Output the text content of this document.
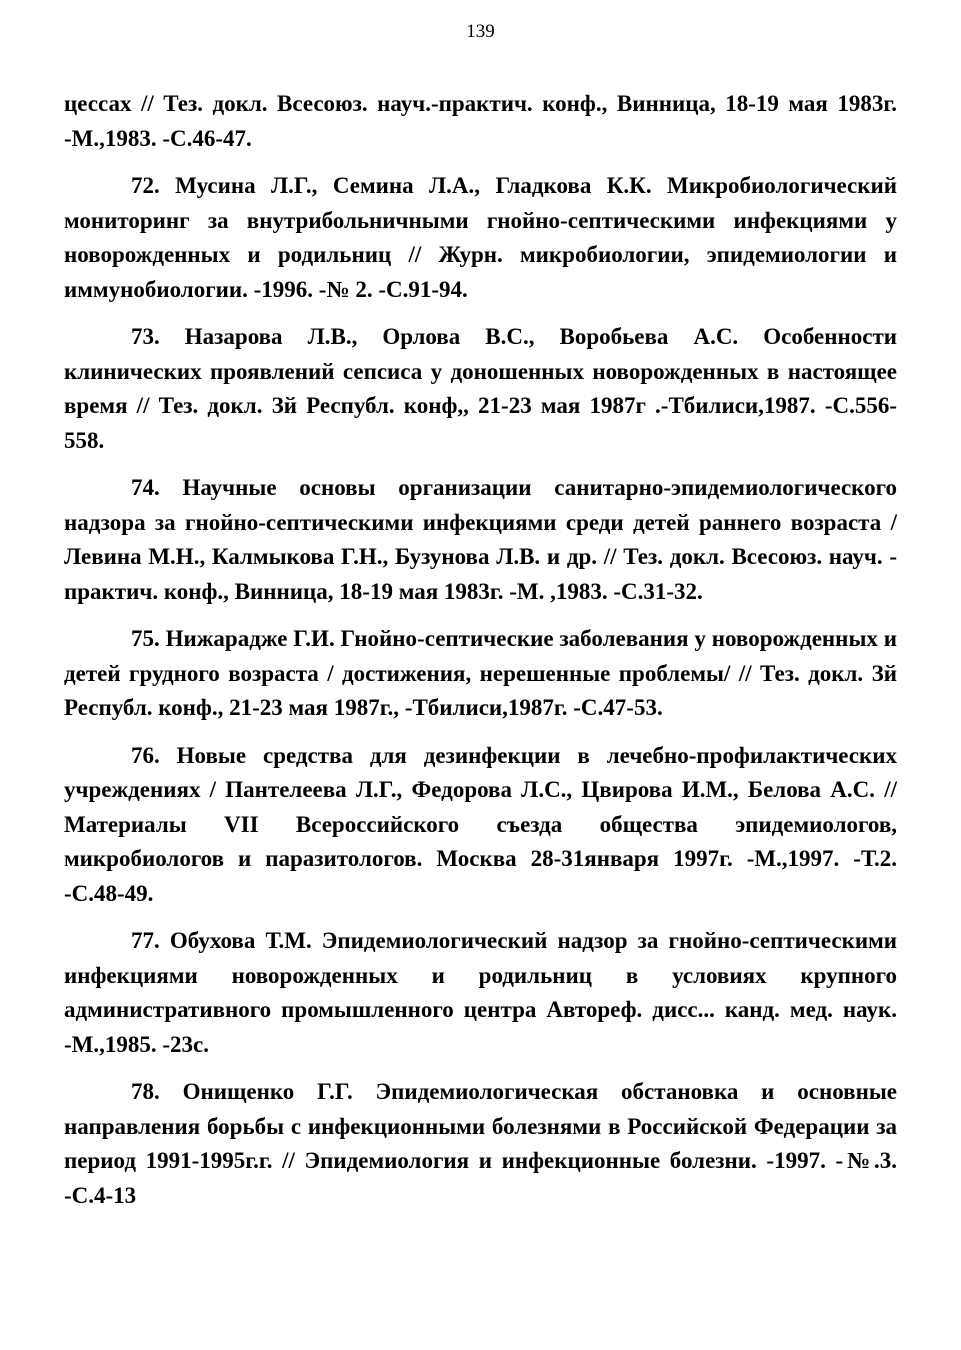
139

цессах // Тез. докл. Всесоюз. науч.-практич. конф., Винница, 18-19 мая 1983г. -М.,1983. -С.46-47.

72. Мусина Л.Г., Семина Л.А., Гладкова К.К. Микробиологический мониторинг за внутрибольничными гнойно-септическими инфекциями у новорожденных и родильниц // Журн. микробиологии, эпидемиологии и иммунобиологии. -1996. -№ 2. -С.91-94.

73. Назарова Л.В., Орлова В.С., Воробьева А.С. Особенности клинических проявлений сепсиса у доношенных новорожденных в настоящее время // Тез. докл. Зй Республ. конф,, 21-23 мая 1987г .-Тбилиси,1987. -С.556-558.

74. Научные основы организации санитарно-эпидемиологического надзора за гнойно-септическими инфекциями среди детей раннего возраста / Левина М.Н., Калмыкова Г.Н., Бузунова Л.В. и др. // Тез. докл. Всесоюз. науч. - практич. конф., Винница, 18-19 мая 1983г. -М. ,1983. -С.31-32.

75. Нижарадже Г.И. Гнойно-септические заболевания у новорожденных и детей грудного возраста / достижения, нерешенные проблемы/ // Тез. докл. Зй Республ. конф., 21-23 мая 1987г., -Тбилиси,1987г. -С.47-53.

76. Новые средства для дезинфекции в лечебно-профилактических учреждениях / Пантелеева Л.Г., Федорова Л.С., Цвирова И.М., Белова А.С. // Материалы VII Всероссийского съезда общества эпидемиологов, микробиологов и паразитологов. Москва 28-31января 1997г. -М.,1997. -Т.2. -С.48-49.

77. Обухова Т.М. Эпидемиологический надзор за гнойно-септическими инфекциями новорожденных и родильниц в условиях крупного административного промышленного центра Автореф. дисс... канд. мед. наук. -М.,1985. -23с.

78. Онищенко Г.Г. Эпидемиологическая обстановка и основные направления борьбы с инфекционными болезнями в Российской Федерации за период 1991-1995г.г. // Эпидемиология и инфекционные болезни. -1997. -№.3. -С.4-13
